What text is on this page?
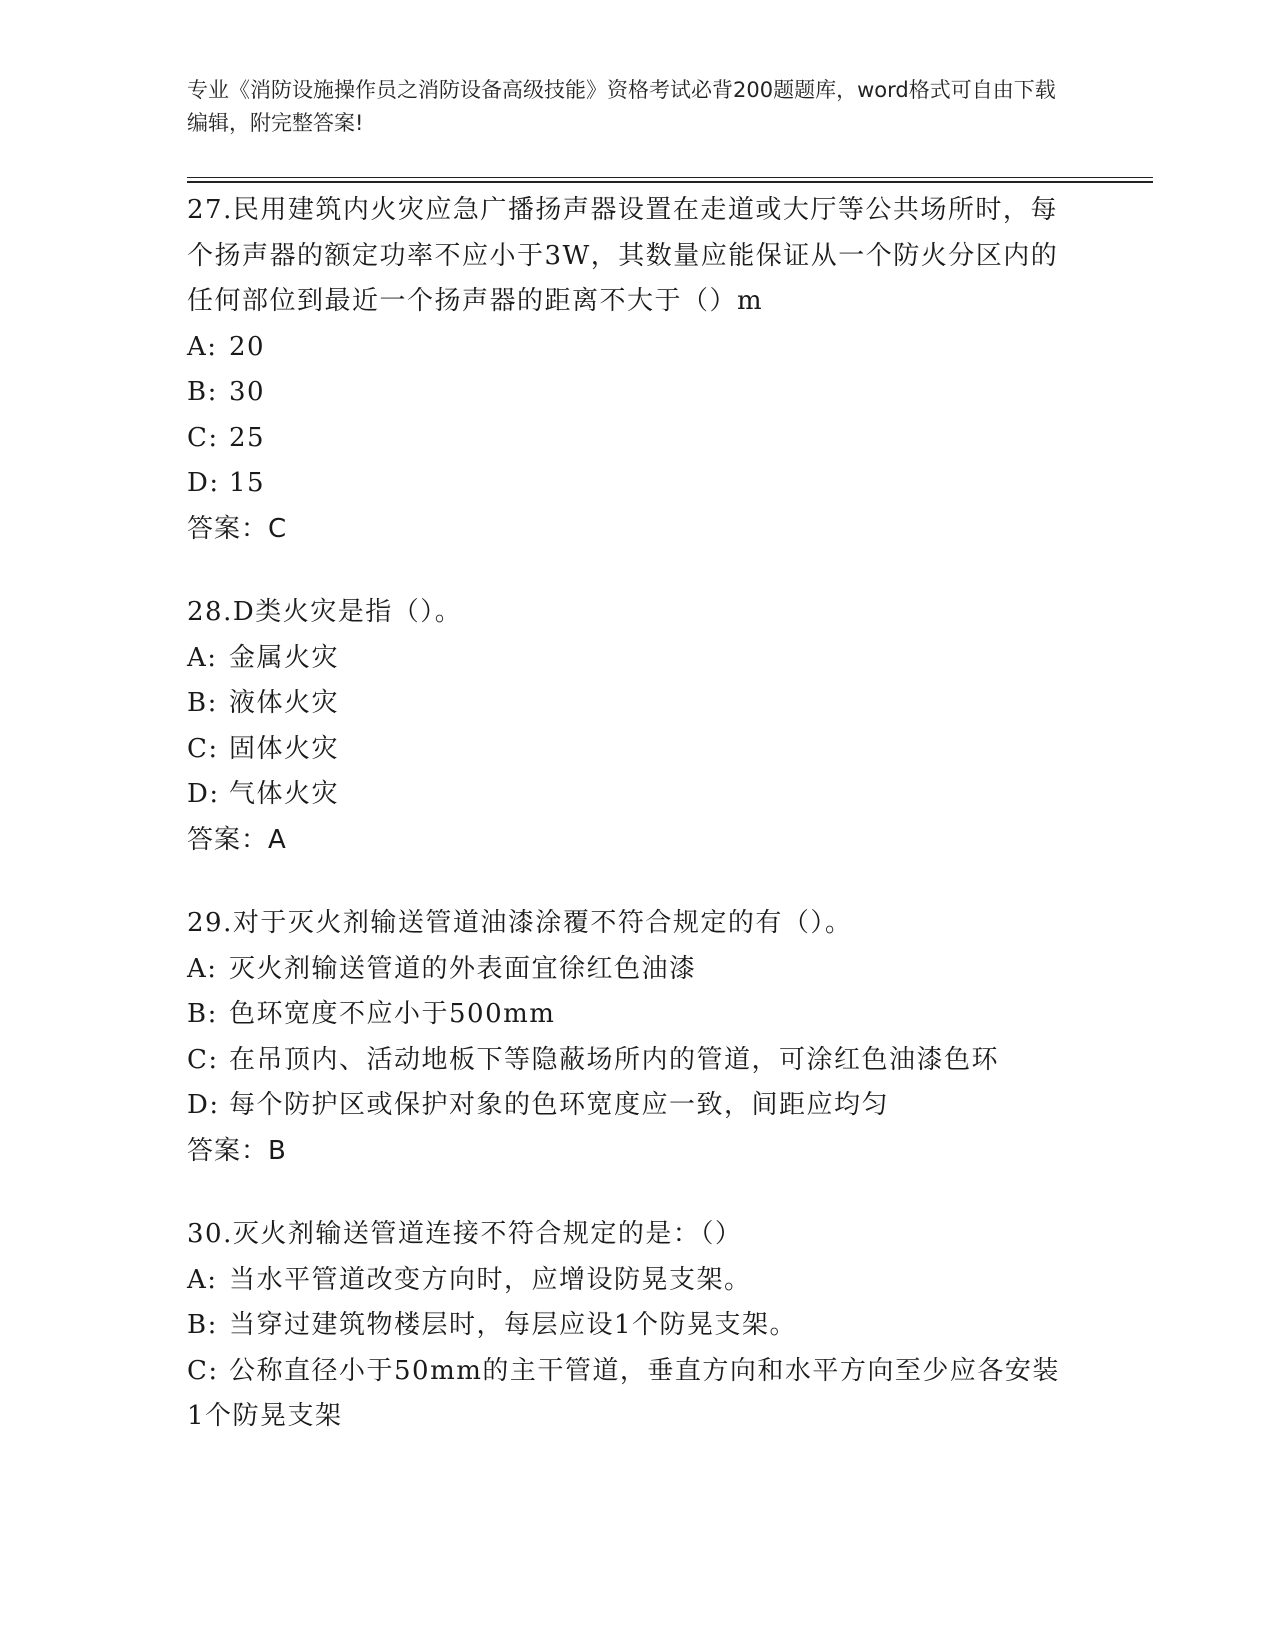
专业《消防设施操作员之消防设备高级技能》资格考试必背200题题库，word格式可自由下载编辑，附完整答案!
27.民用建筑内火灾应急广播扬声器设置在走道或大厅等公共场所时，每个扬声器的额定功率不应小于3W，其数量应能保证从一个防火分区内的任何部位到最近一个扬声器的距离不大于（）m
A: 20
B: 30
C: 25
D: 15
答案：C
28.D类火灾是指（）。
A: 金属火灾
B: 液体火灾
C: 固体火灾
D: 气体火灾
答案：A
29.对于灭火剂输送管道油漆涂覆不符合规定的有（）。
A: 灭火剂输送管道的外表面宜徐红色油漆
B: 色环宽度不应小于500mm
C: 在吊顶内、活动地板下等隐蔽场所内的管道，可涂红色油漆色环
D: 每个防护区或保护对象的色环宽度应一致，间距应均匀
答案：B
30.灭火剂输送管道连接不符合规定的是：（）
A: 当水平管道改变方向时，应增设防晃支架。
B: 当穿过建筑物楼层时，每层应设1个防晃支架。
C: 公称直径小于50mm的主干管道，垂直方向和水平方向至少应各安装1个防晃支架
